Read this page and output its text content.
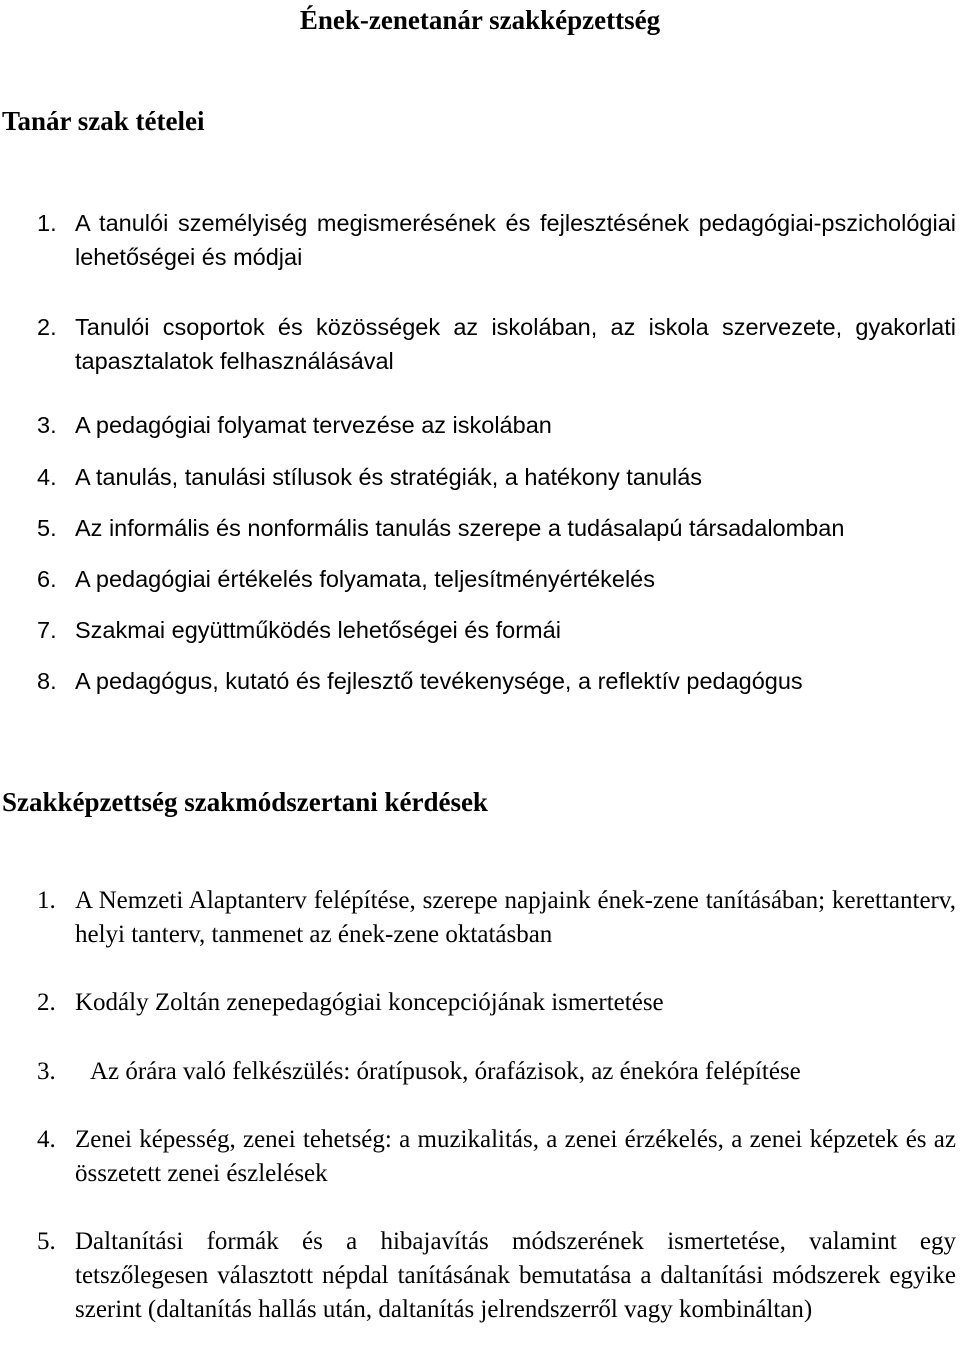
Ének-zenetanár szakképzettség
Tanár szak tételei
1. A tanulói személyiség megismerésének és fejlesztésének pedagógiai-pszichológiai lehetőségei és módjai
2. Tanulói csoportok és közösségek az iskolában, az iskola szervezete, gyakorlati tapasztalatok felhasználásával
3. A pedagógiai folyamat tervezése az iskolában
4. A tanulás, tanulási stílusok és stratégiák, a hatékony tanulás
5. Az informális és nonformális tanulás szerepe a tudásalapú társadalomban
6. A pedagógiai értékelés folyamata, teljesítményértékelés
7. Szakmai együttműködés lehetőségei és formái
8. A pedagógus, kutató és fejlesztő tevékenysége, a reflektív pedagógus
Szakképzettség szakmódszertani kérdések
1. A Nemzeti Alaptanterv felépítése, szerepe napjaink ének-zene tanításában; kerettanterv, helyi tanterv, tanmenet az ének-zene oktatásban
2. Kodály Zoltán zenepedagógiai koncepciójának ismertetése
3. Az órára való felkészülés: óratípusok, órafázisok, az énekóra felépítése
4. Zenei képesség, zenei tehetség: a muzikalitás, a zenei érzékelés, a zenei képzetek és az összetett zenei észlelések
5. Daltanítási formák és a hibajavítás módszerének ismertetése, valamint egy tetszőlegesen választott népdal tanításának bemutatása a daltanítási módszerek egyike szerint (daltanítás hallás után, daltanítás jelrendszerről vagy kombináltan)
